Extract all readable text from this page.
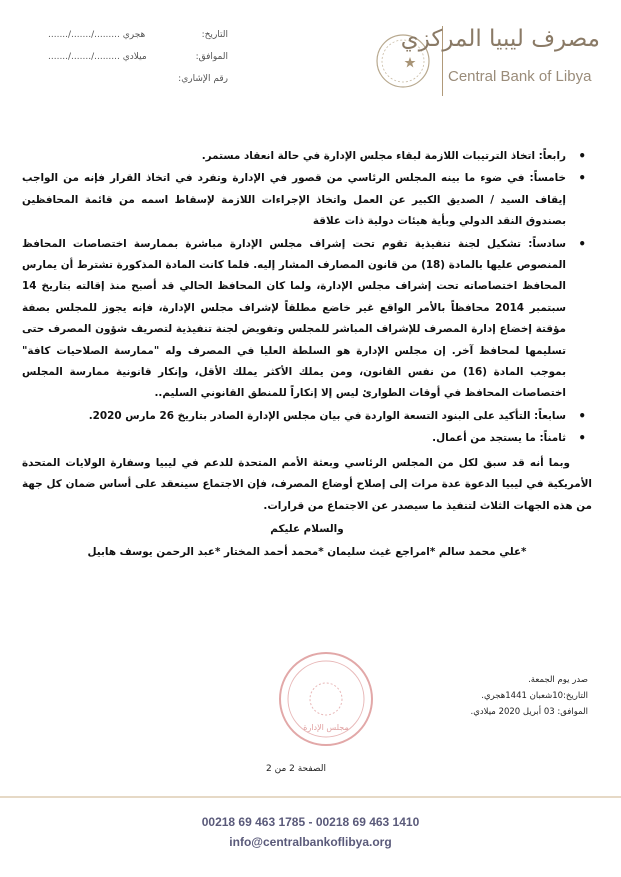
مصرف ليبيا المركزي
Central Bank of Libya
......./......./......... هجري	التاريخ:
......./......./......... ميلادي	الموافق:
رقم الإشاري:
•
رابعاً: اتخاذ الترتيبات اللازمة لبقاء مجلس الإدارة في حالة انعقاد مستمر.
•
خامساً: في ضوء ما بينه المجلس الرئاسي من قصور في الإدارة وتفرد في اتخاذ القرار فإنه من الواجب إيقاف السيد / الصديق الكبير عن العمل واتخاذ الإجراءات اللازمة لإسقاط اسمه من قائمة المحافظين بصندوق النقد الدولي وبأية هيئات دولية ذات علاقة
•
سادساً: تشكيل لجنة تنفيذية تقوم تحت إشراف مجلس الإدارة مباشرة بممارسة اختصاصات المحافظ المنصوص عليها بالمادة (18) من قانون المصارف المشار إليه. فلما كانت المادة المذكورة تشترط أن يمارس المحافظ اختصاصاته تحت إشراف مجلس الإدارة، ولما كان المحافظ الحالي قد أصبح منذ إقالته بتاريخ 14 سبتمبر 2014 محافظاً بالأمر الواقع غير خاضع مطلقاً لإشراف مجلس الإدارة، فإنه يجوز للمجلس بصفة مؤقتة إخضاع إدارة المصرف للإشراف المباشر للمجلس وتفويض لجنة تنفيذية لتصريف شؤون المصرف حتى تسليمها لمحافظ آخر. إن مجلس الإدارة هو السلطة العليا في المصرف وله "ممارسة الصلاحيات كافة" بموجب المادة (16) من نفس القانون، ومن يملك الأكثر يملك الأقل، وإنكار قانونية ممارسة المجلس اختصاصات المحافظ في أوقات الطوارئ ليس إلا إنكاراً للمنطق القانوني السليم..
•
سابعاً: التأكيد على البنود التسعة الواردة في بيان مجلس الإدارة الصادر بتاريخ 26 مارس 2020.
•
ثامناً: ما يستجد من أعمال.
وبما أنه قد سبق لكل من المجلس الرئاسي وبعثة الأمم المتحدة للدعم في ليبيا وسفارة الولايات المتحدة الأمريكية في ليبيا الدعوة عدة مرات إلى إصلاح أوضاع المصرف، فإن الاجتماع سينعقد على أساس ضمان كل جهة من هذه الجهات الثلاث لتنفيذ ما سيصدر عن الاجتماع من قرارات.
والسلام عليكم
*علي محمد سالم *امراجع غيث سليمان *محمد أحمد المختار *عبد الرحمن يوسف هابيل
مجلس الإدارة
صدر يوم الجمعة.
التاريخ:10شعبان 1441هجري.
الموافق: 03 أبريل 2020 ميلادي.
الصفحة 2 من 2
00218 69 463 1785 - 00218 69 463 1410
info@centralbankoflibya.org
